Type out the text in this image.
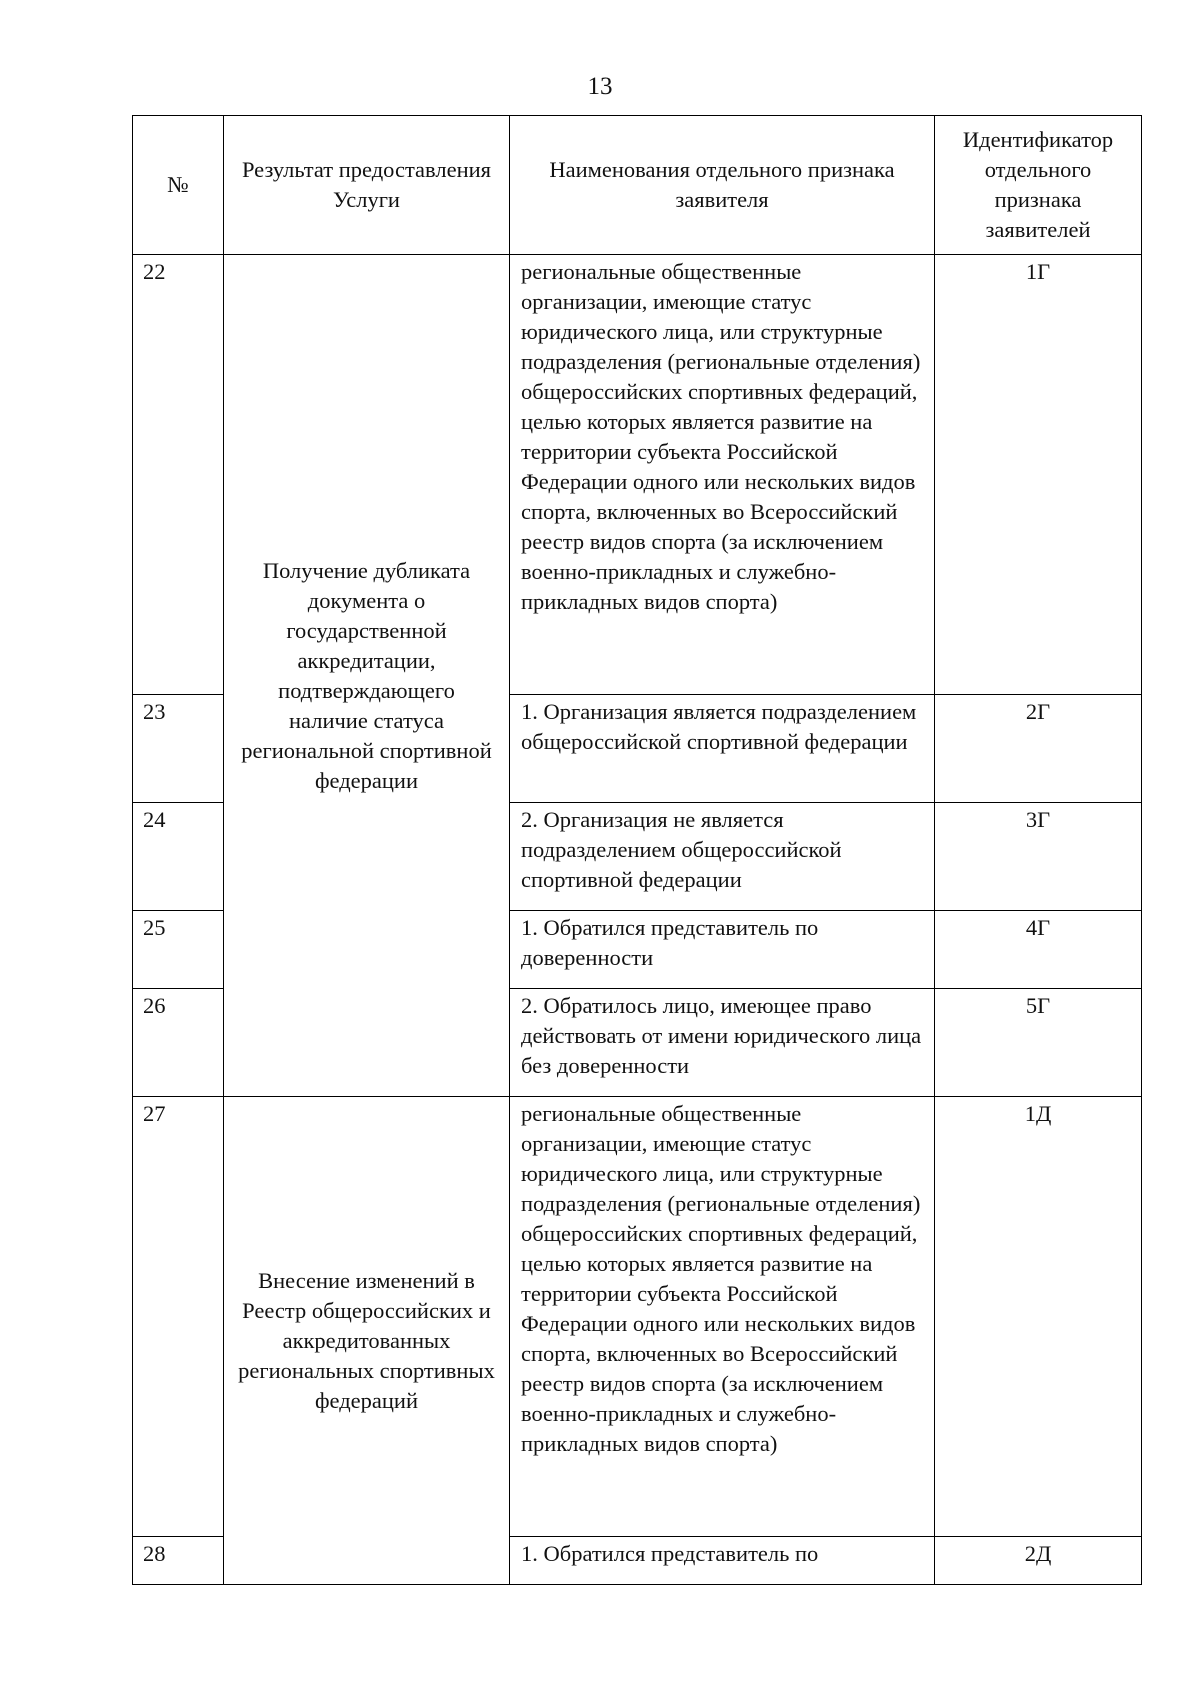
13
№	Результат предоставления Услуги	Наименования отдельного признака заявителя	Идентификатор отдельного признака заявителей
22	Получение дубликата документа о государственной аккредитации, подтверждающего наличие статуса региональной спортивной федерации	региональные общественные организации, имеющие статус юридического лица, или структурные подразделения (региональные отделения) общероссийских спортивных федераций, целью которых является развитие на территории субъекта Российской Федерации одного или нескольких видов спорта, включенных во Всероссийский реестр видов спорта (за исключением военно-прикладных и служебно-прикладных видов спорта)	1Г
23		1. Организация является подразделением общероссийской спортивной федерации	2Г
24		2. Организация не является подразделением общероссийской спортивной федерации	3Г
25		1. Обратился представитель по доверенности	4Г
26		2. Обратилось лицо, имеющее право действовать от имени юридического лица без доверенности	5Г
27	Внесение изменений в Реестр общероссийских и аккредитованных региональных спортивных федераций	региональные общественные организации, имеющие статус юридического лица, или структурные подразделения (региональные отделения) общероссийских спортивных федераций, целью которых является развитие на территории субъекта Российской Федерации одного или нескольких видов спорта, включенных во Всероссийский реестр видов спорта (за исключением военно-прикладных и служебно-прикладных видов спорта)	1Д
28		1. Обратился представитель по	2Д
